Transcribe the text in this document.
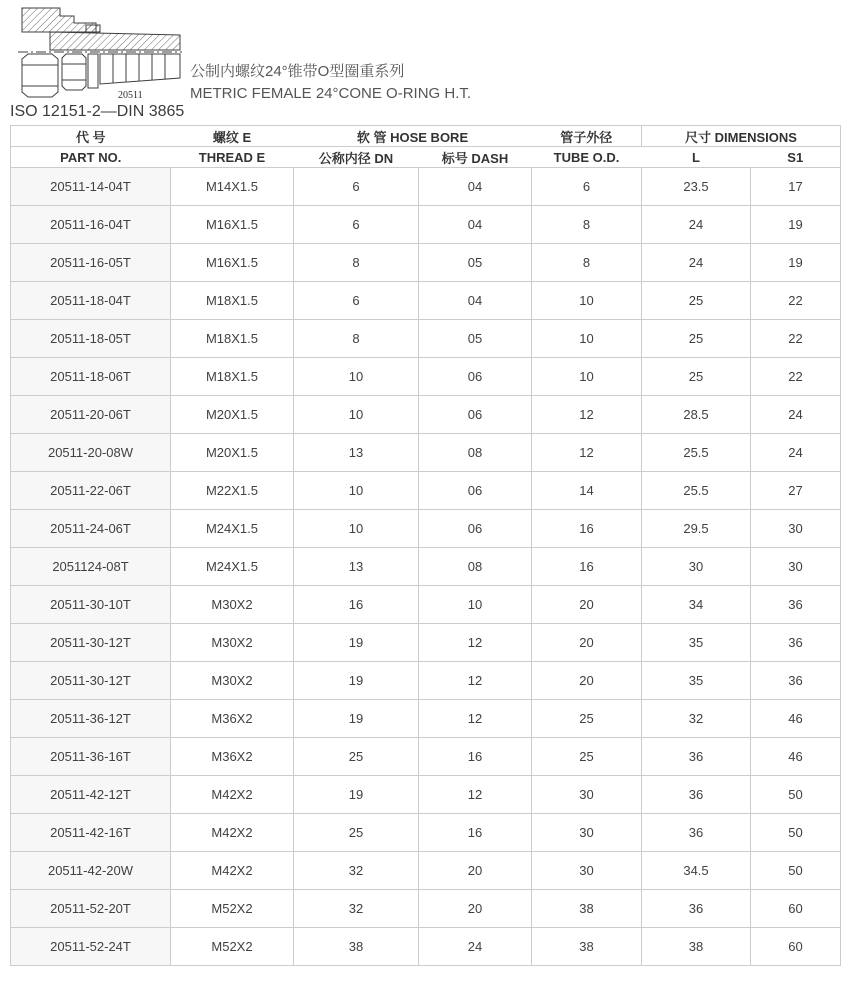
20511
公制内螺纹24°锥带O型圈重系列
METRIC FEMALE 24°CONE O-RING H.T.
ISO 12151-2—DIN 3865
代 号	螺纹 E	软 管 HOSE BORE		管子外径	尺寸 DIMENSIONS	
PART NO.	THREAD E	公称内径 DN	标号 DASH	TUBE O.D.	L	S1
20511-14-04T	M14X1.5	6	04	6	23.5	17
20511-16-04T	M16X1.5	6	04	8	24	19
20511-16-05T	M16X1.5	8	05	8	24	19
20511-18-04T	M18X1.5	6	04	10	25	22
20511-18-05T	M18X1.5	8	05	10	25	22
20511-18-06T	M18X1.5	10	06	10	25	22
20511-20-06T	M20X1.5	10	06	12	28.5	24
20511-20-08W	M20X1.5	13	08	12	25.5	24
20511-22-06T	M22X1.5	10	06	14	25.5	27
20511-24-06T	M24X1.5	10	06	16	29.5	30
2051124-08T	M24X1.5	13	08	16	30	30
20511-30-10T	M30X2	16	10	20	34	36
20511-30-12T	M30X2	19	12	20	35	36
20511-30-12T	M30X2	19	12	20	35	36
20511-36-12T	M36X2	19	12	25	32	46
20511-36-16T	M36X2	25	16	25	36	46
20511-42-12T	M42X2	19	12	30	36	50
20511-42-16T	M42X2	25	16	30	36	50
20511-42-20W	M42X2	32	20	30	34.5	50
20511-52-20T	M52X2	32	20	38	36	60
20511-52-24T	M52X2	38	24	38	38	60
